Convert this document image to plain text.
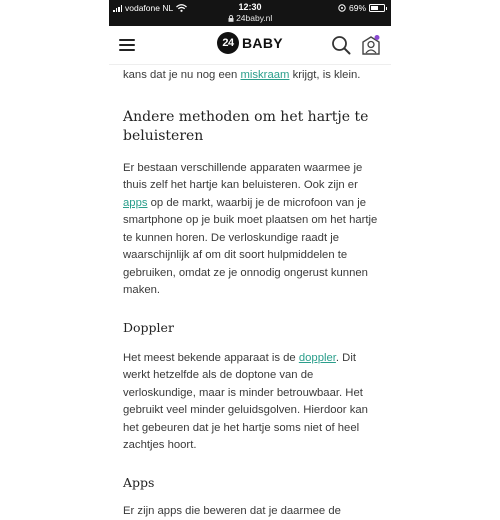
vodafone NL	12:30
24baby.nl
69%
24 BABY

kans dat je nu nog een miskraam krijgt, is klein.

Andere methoden om het hartje te beluisteren

Er bestaan verschillende apparaten waarmee je thuis zelf het hartje kan beluisteren. Ook zijn er apps op de markt, waarbij je de microfoon van je smartphone op je buik moet plaatsen om het hartje te kunnen horen. De verloskundige raadt je waarschijnlijk af om dit soort hulpmiddelen te gebruiken, omdat ze je onnodig ongerust kunnen maken.

Doppler

Het meest bekende apparaat is de doppler. Dit werkt hetzelfde als de doptone van de verloskundige, maar is minder betrouwbaar. Het gebruikt veel minder geluidsgolven. Hierdoor kan het gebeuren dat je het hartje soms niet of heel zachtjes hoort.

Apps

Er zijn apps die beweren dat je daarmee de
